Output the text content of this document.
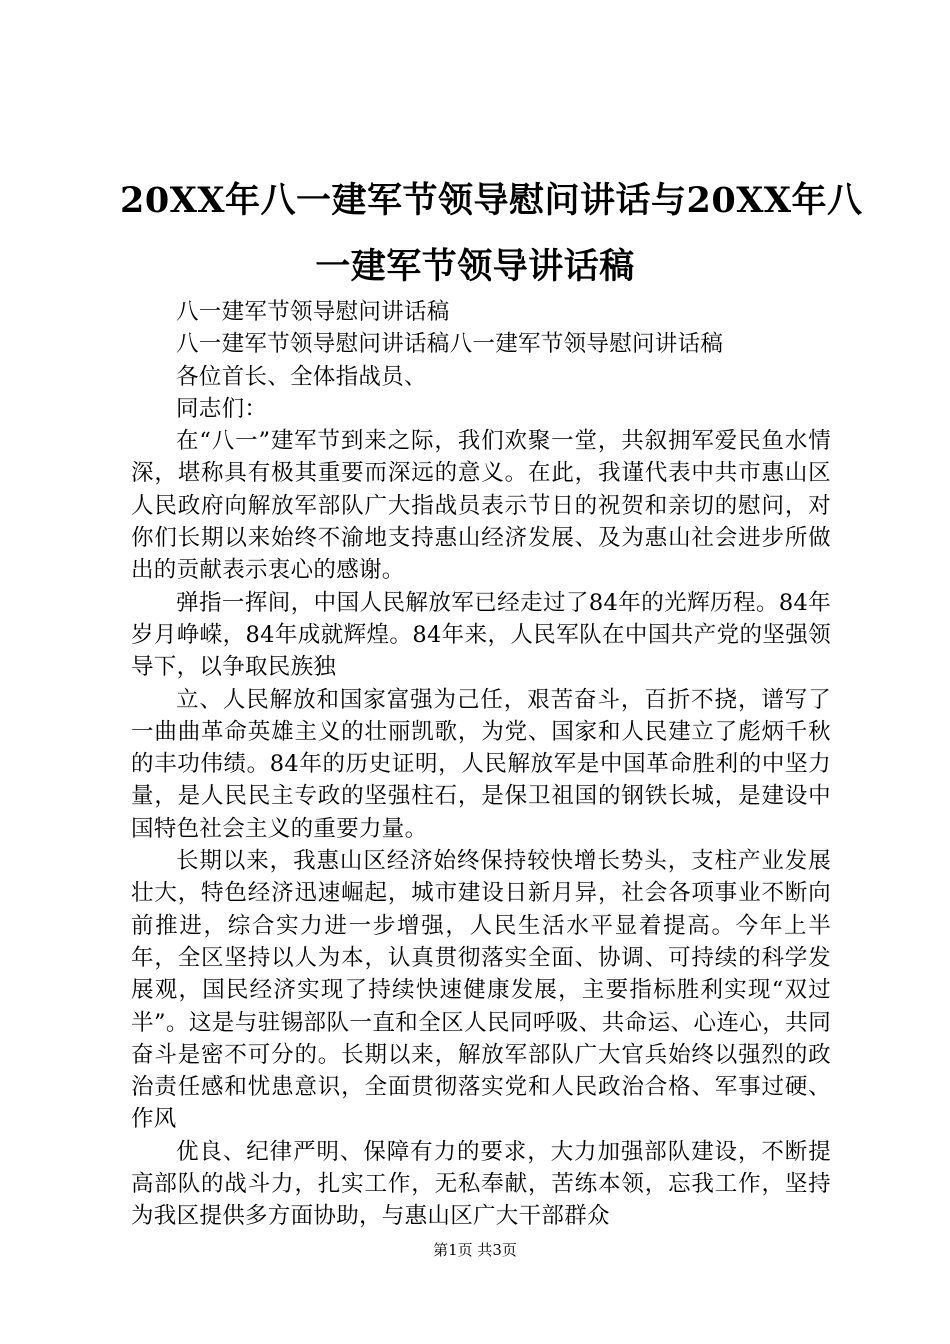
20XX年八一建军节领导慰问讲话与20XX年八
一建军节领导讲话稿

八一建军节领导慰问讲话稿

八一建军节领导慰问讲话稿八一建军节领导慰问讲话稿

各位首长、全体指战员、

同志们：

在“八一”建军节到来之际，我们欢聚一堂，共叙拥军爱民鱼水情深，堪称具有极其重要而深远的意义。在此，我谨代表中共市惠山区人民政府向解放军部队广大指战员表示节日的祝贺和亲切的慰问，对你们长期以来始终不渝地支持惠山经济发展、及为惠山社会进步所做出的贡献表示衷心的感谢。

弹指一挥间，中国人民解放军已经走过了84年的光辉历程。84年岁月峥嵘，84年成就辉煌。84年来，人民军队在中国共产党的坚强领导下，以争取民族独

立、人民解放和国家富强为己任，艰苦奋斗，百折不挠，谱写了一曲曲革命英雄主义的壮丽凯歌，为党、国家和人民建立了彪炳千秋的丰功伟绩。84年的历史证明，人民解放军是中国革命胜利的中坚力量，是人民民主专政的坚强柱石，是保卫祖国的钢铁长城，是建设中国特色社会主义的重要力量。

长期以来，我惠山区经济始终保持较快增长势头，支柱产业发展壮大，特色经济迅速崛起，城市建设日新月异，社会各项事业不断向前推进，综合实力进一步增强，人民生活水平显着提高。今年上半年，全区坚持以人为本，认真贯彻落实全面、协调、可持续的科学发展观，国民经济实现了持续快速健康发展，主要指标胜利实现“双过半”。这是与驻锡部队一直和全区人民同呼吸、共命运、心连心，共同奋斗是密不可分的。长期以来，解放军部队广大官兵始终以强烈的政治责任感和忧患意识，全面贯彻落实党和人民政治合格、军事过硬、作风

优良、纪律严明、保障有力的要求，大力加强部队建设，不断提高部队的战斗力，扎实工作，无私奉献，苦练本领，忘我工作，坚持为我区提供多方面协助，与惠山区广大干部群众

第1页 共3页
